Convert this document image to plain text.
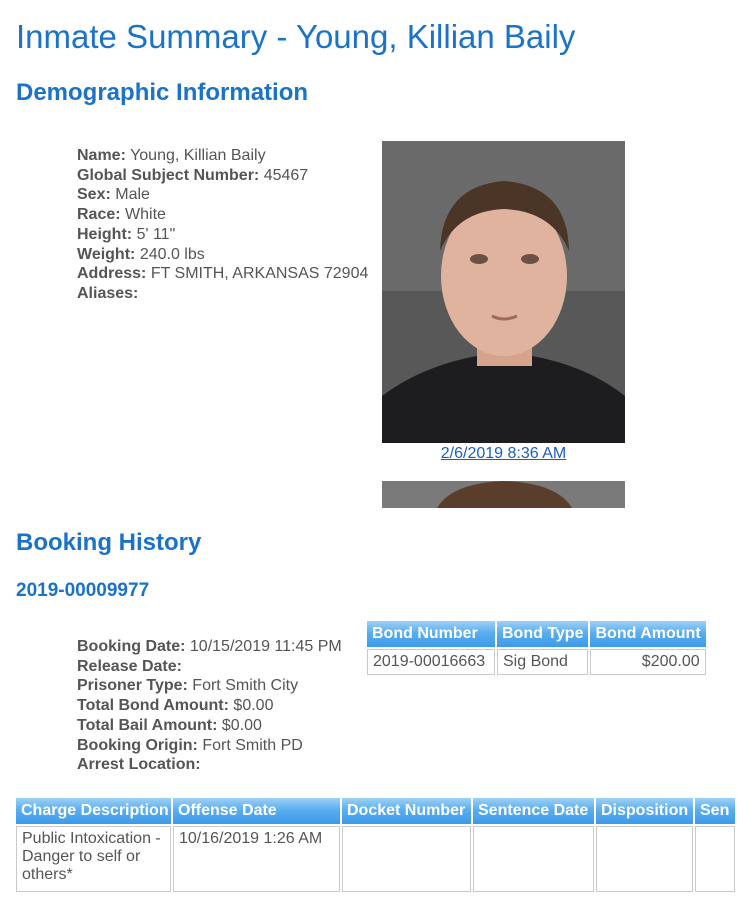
Inmate Summary - Young, Killian Baily
Demographic Information
Name: Young, Killian Baily
Global Subject Number: 45467
Sex: Male
Race: White
Height: 5' 11"
Weight: 240.0 lbs
Address: FT SMITH, ARKANSAS 72904
Aliases:
2/6/2019 8:36 AM
Booking History
2019-00009977
Booking Date: 10/15/2019 11:45 PM
Release Date:
Prisoner Type: Fort Smith City
Total Bond Amount: $0.00
Total Bail Amount: $0.00
Booking Origin: Fort Smith PD
Arrest Location:
Bond Number	Bond Type	Bond Amount
2019-00016663	Sig Bond	$200.00
Charge Description	Offense Date	Docket Number	Sentence Date	Disposition	Sen
Public Intoxication - Danger to self or others*	10/16/2019 1:26 AM				
